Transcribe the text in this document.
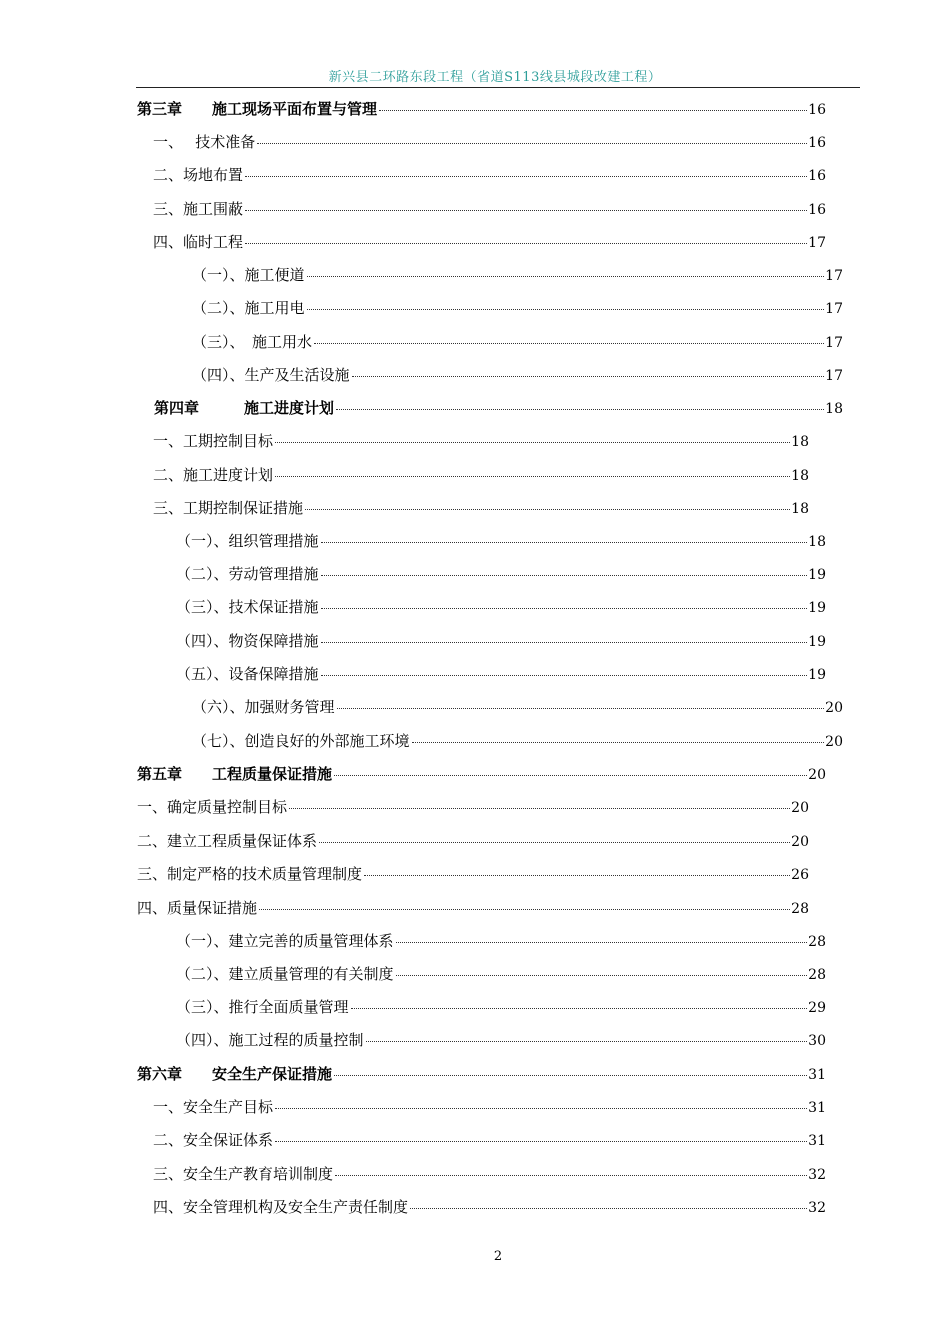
新兴县二环路东段工程（省道S113线县城段改建工程）
第三章　　施工现场平面布置与管理	16
一、　 技术准备	16
二、场地布置	16
三、施工围蔽	16
四、临时工程	17
（一）、施工便道	17
（二）、施工用电	17
（三）、　施工用水	17
（四）、生产及生活设施	17
第四章　　　施工进度计划	18
一、工期控制目标	18
二、施工进度计划	18
三、工期控制保证措施	18
（一）、组织管理措施	18
（二）、劳动管理措施	19
（三）、技术保证措施	19
（四）、物资保障措施	19
（五）、设备保障措施	19
（六）、加强财务管理	20
（七）、创造良好的外部施工环境	20
第五章　　工程质量保证措施	20
一、确定质量控制目标	20
二、建立工程质量保证体系	20
三、制定严格的技术质量管理制度	26
四、质量保证措施	28
（一）、建立完善的质量管理体系	28
（二）、建立质量管理的有关制度	28
（三）、推行全面质量管理	29
（四）、施工过程的质量控制	30
第六章　　安全生产保证措施	31
一、安全生产目标	31
二、安全保证体系	31
三、安全生产教育培训制度	32
四、安全管理机构及安全生产责任制度	32
2
